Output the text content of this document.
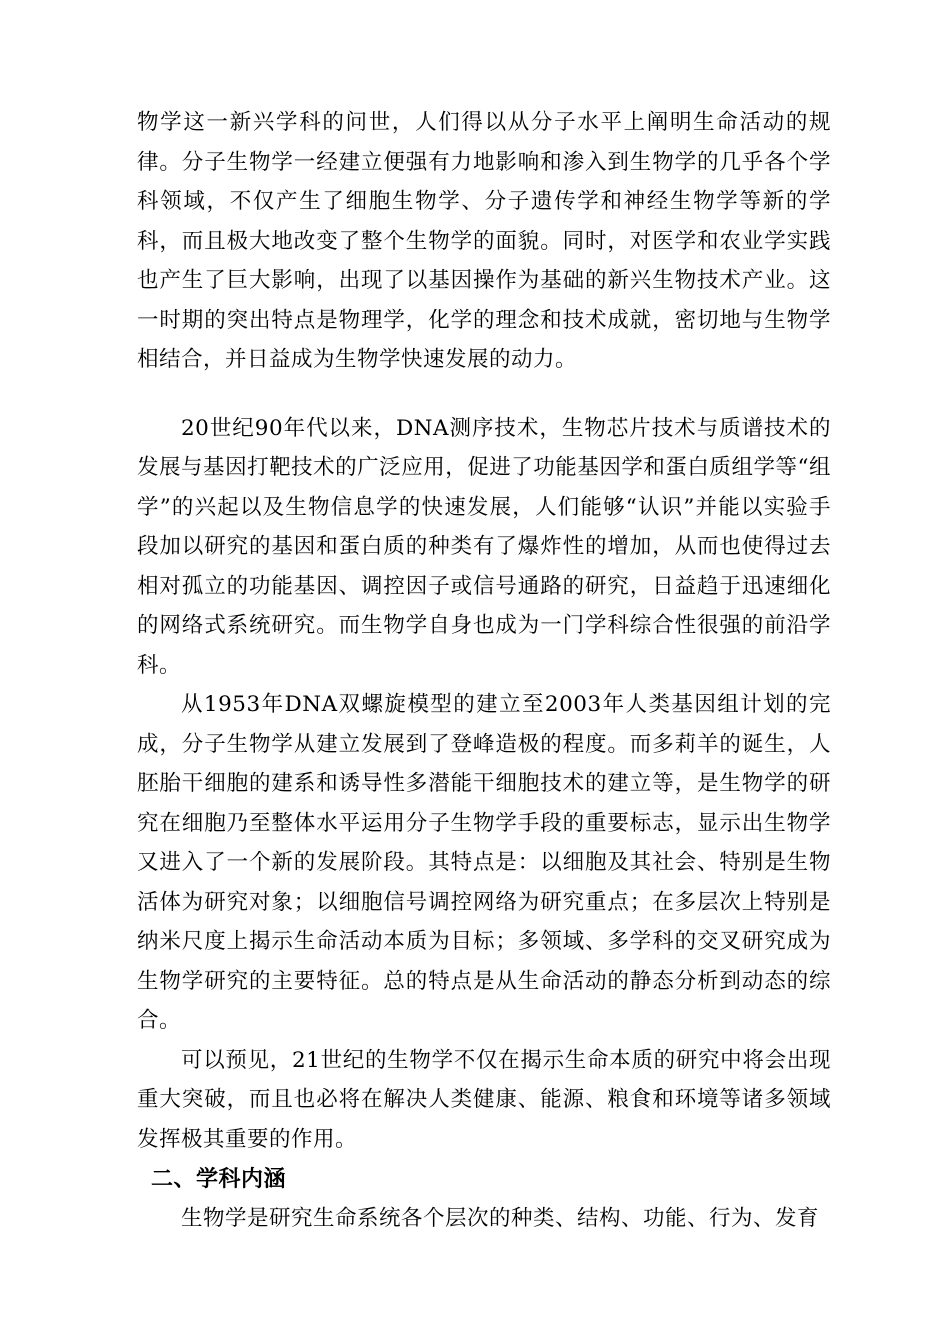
物学这一新兴学科的问世，人们得以从分子水平上阐明生命活动的规律。分子生物学一经建立便强有力地影响和渗入到生物学的几乎各个学科领域，不仅产生了细胞生物学、分子遗传学和神经生物学等新的学科，而且极大地改变了整个生物学的面貌。同时，对医学和农业学实践也产生了巨大影响，出现了以基因操作为基础的新兴生物技术产业。这一时期的突出特点是物理学，化学的理念和技术成就，密切地与生物学相结合，并日益成为生物学快速发展的动力。

20世纪90年代以来，DNA测序技术，生物芯片技术与质谱技术的发展与基因打靶技术的广泛应用，促进了功能基因学和蛋白质组学等“组学”的兴起以及生物信息学的快速发展，人们能够“认识”并能以实验手段加以研究的基因和蛋白质的种类有了爆炸性的增加，从而也使得过去相对孤立的功能基因、调控因子或信号通路的研究，日益趋于迅速细化的网络式系统研究。而生物学自身也成为一门学科综合性很强的前沿学科。

从1953年DNA双螺旋模型的建立至2003年人类基因组计划的完成，分子生物学从建立发展到了登峰造极的程度。而多莉羊的诞生，人胚胎干细胞的建系和诱导性多潜能干细胞技术的建立等，是生物学的研究在细胞乃至整体水平运用分子生物学手段的重要标志，显示出生物学又进入了一个新的发展阶段。其特点是：以细胞及其社会、特别是生物活体为研究对象；以细胞信号调控网络为研究重点；在多层次上特别是纳米尺度上揭示生命活动本质为目标；多领域、多学科的交叉研究成为生物学研究的主要特征。总的特点是从生命活动的静态分析到动态的综合。

可以预见，21世纪的生物学不仅在揭示生命本质的研究中将会出现重大突破，而且也必将在解决人类健康、能源、粮食和环境等诸多领域发挥极其重要的作用。

二、学科内涵

生物学是研究生命系统各个层次的种类、结构、功能、行为、发育
